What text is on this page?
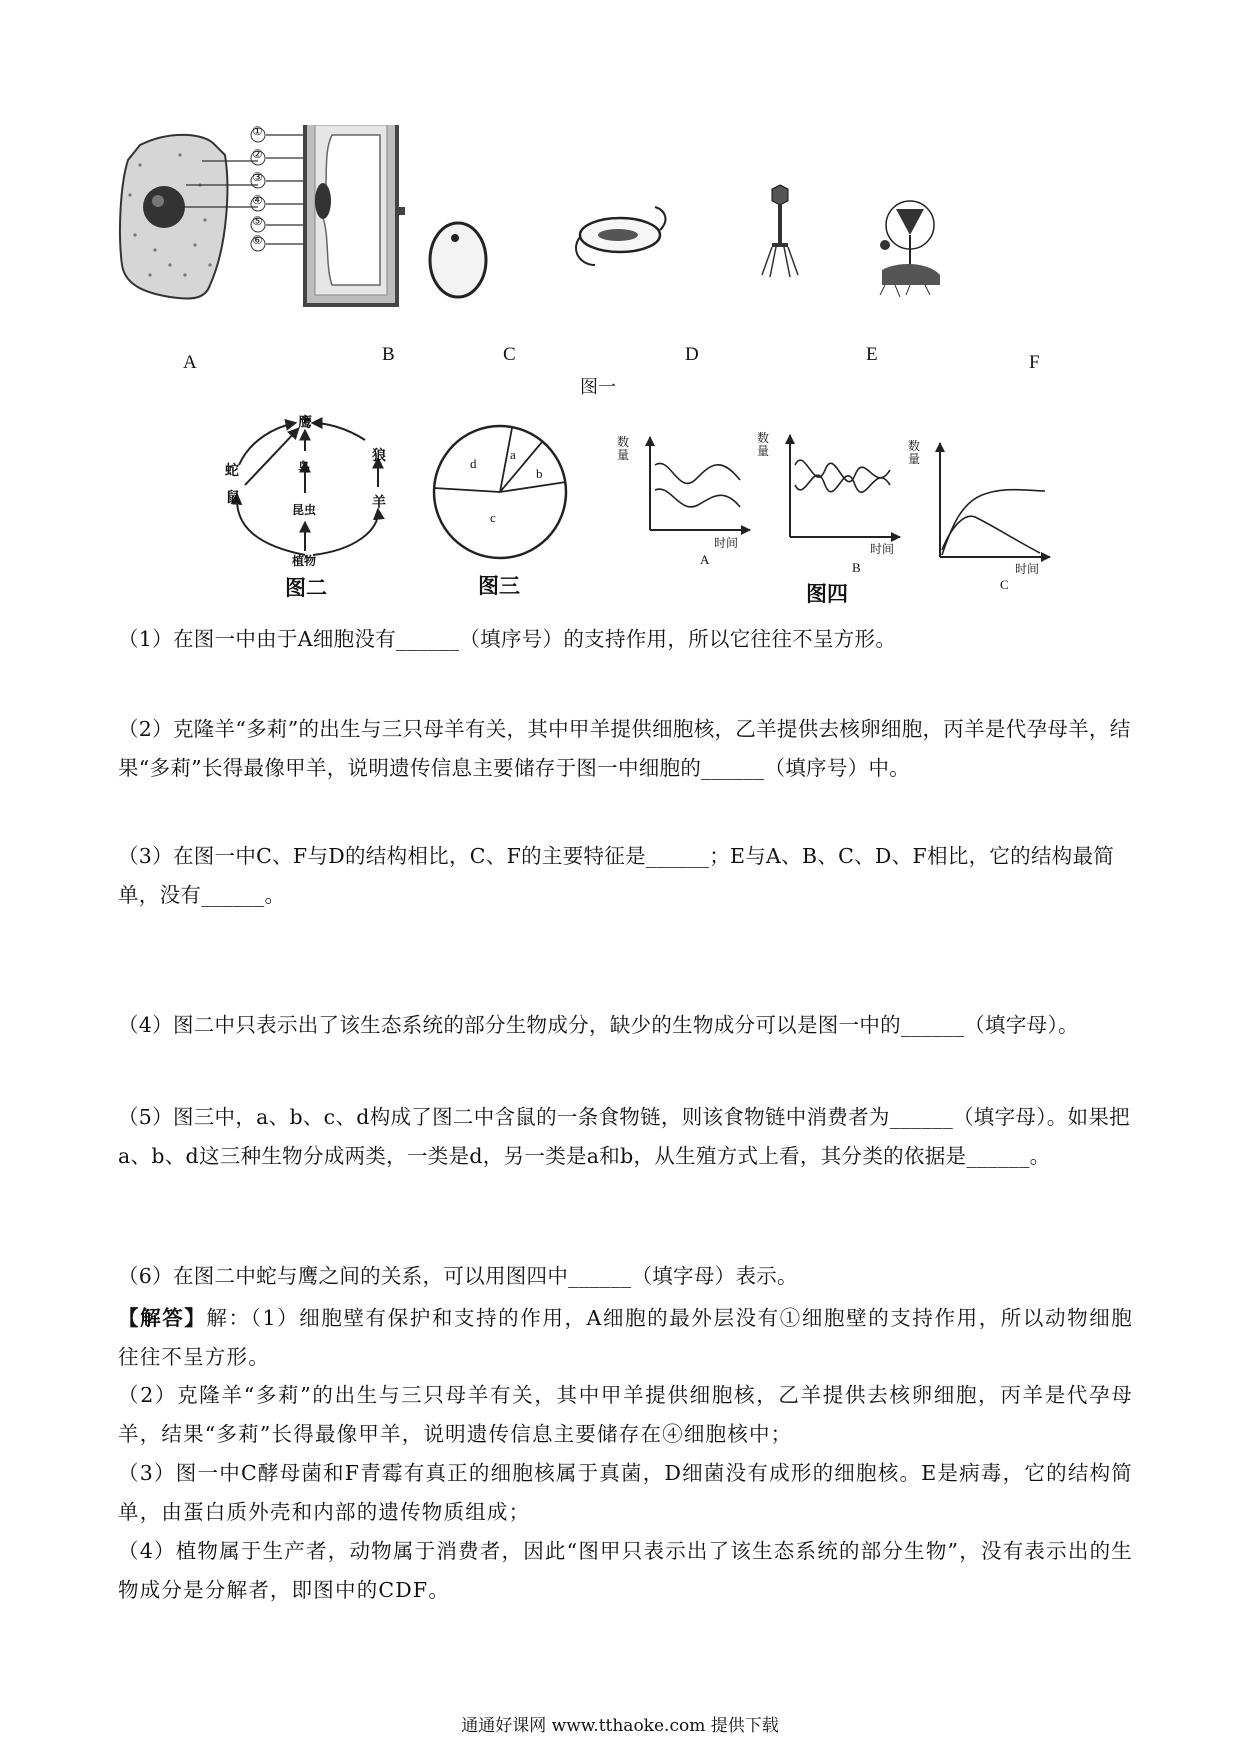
①
②
③
④
⑤
⑥
A	B	C	D	E	F
图一
鹰
蛇
鼠
鸟
昆虫
狼
羊
植物
图二
a
b
c
d
图三
数量
时间
A
数量
时间
B
数量
时间
C
图四
（1）在图一中由于A细胞没有______（填序号）的支持作用，所以它往往不呈方形。
（2）克隆羊“多莉”的出生与三只母羊有关，其中甲羊提供细胞核，乙羊提供去核卵细胞，丙羊是代孕母羊，结果“多莉”长得最像甲羊，说明遗传信息主要储存于图一中细胞的______（填序号）中。
（3）在图一中C、F与D的结构相比，C、F的主要特征是______；E与A、B、C、D、F相比，它的结构最简单，没有______。
（4）图二中只表示出了该生态系统的部分生物成分，缺少的生物成分可以是图一中的______（填字母）。
（5）图三中，a、b、c、d构成了图二中含鼠的一条食物链，则该食物链中消费者为______（填字母）。如果把a、b、d这三种生物分成两类，一类是d，另一类是a和b，从生殖方式上看，其分类的依据是______。
（6）在图二中蛇与鹰之间的关系，可以用图四中______（填字母）表示。
【解答】解：（1）细胞壁有保护和支持的作用，A细胞的最外层没有①细胞壁的支持作用，所以动物细胞往往不呈方形。
（2）克隆羊“多莉”的出生与三只母羊有关，其中甲羊提供细胞核，乙羊提供去核卵细胞，丙羊是代孕母羊，结果“多莉”长得最像甲羊，说明遗传信息主要储存在④细胞核中；
（3）图一中C酵母菌和F青霉有真正的细胞核属于真菌，D细菌没有成形的细胞核。E是病毒，它的结构简单，由蛋白质外壳和内部的遗传物质组成；
（4）植物属于生产者，动物属于消费者，因此“图甲只表示出了该生态系统的部分生物”，没有表示出的生物成分是分解者，即图中的CDF。
通通好课网 www.tthaoke.com 提供下载
